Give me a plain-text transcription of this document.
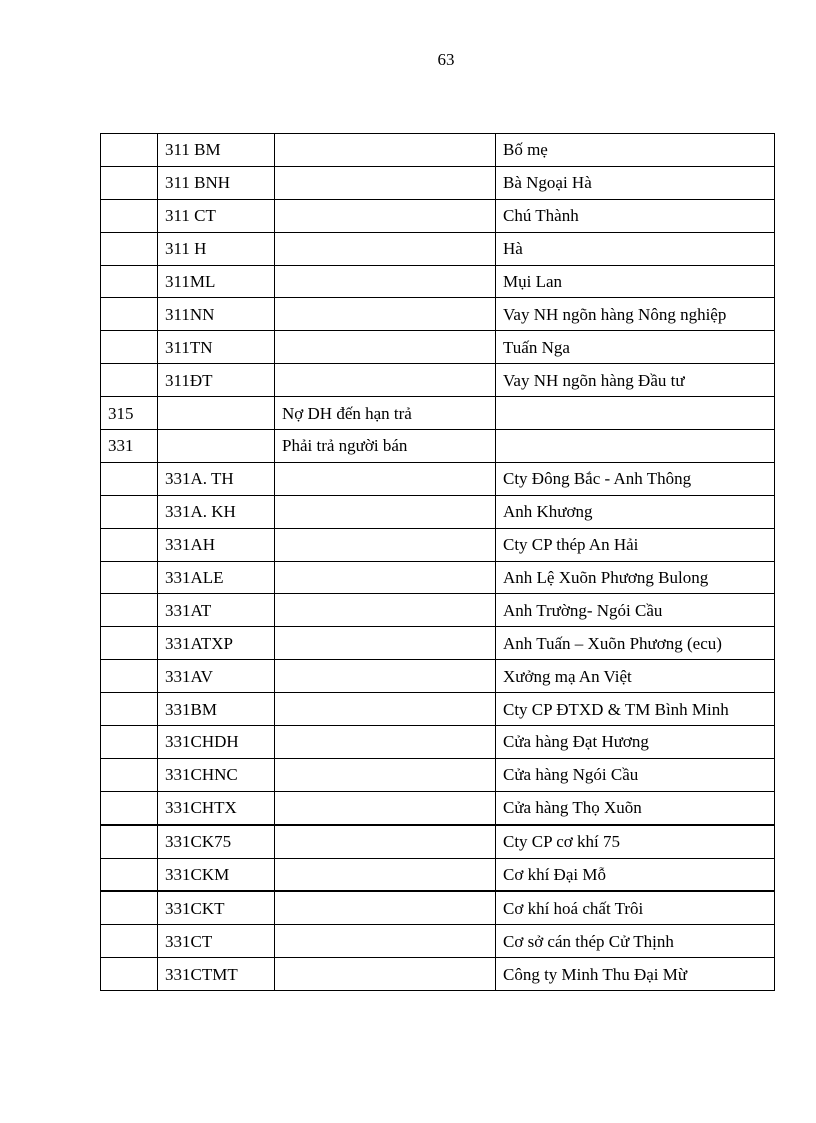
63
	311 BM		Bố mẹ
	311 BNH		Bà Ngoại Hà
	311 CT		Chú Thành
	311 H		Hà
	311ML		Mụi Lan
	311NN		Vay NH ngõn hàng Nông nghiệp
	311TN		Tuấn Nga
	311ĐT		Vay NH ngõn hàng Đầu tư
315		Nợ DH đến hạn trả	
331		Phải trả người bán	
	331A. TH		Cty Đông Bắc - Anh Thông
	331A. KH		Anh Khương
	331AH		Cty CP thép An Hải
	331ALE		Anh Lệ Xuõn Phương Bulong
	331AT		Anh Trường- Ngói Cầu
	331ATXP		Anh Tuấn – Xuõn Phương (ecu)
	331AV		Xưởng mạ An Việt
	331BM		Cty CP ĐTXD & TM Bình Minh
	331CHDH		Cửa hàng Đạt Hương
	331CHNC		Cửa hàng Ngói Cầu
	331CHTX		Cửa hàng Thọ Xuõn
	331CK75		Cty CP cơ khí 75
	331CKM		Cơ khí Đại Mỗ
	331CKT		Cơ khí hoá chất Trôi
	331CT		Cơ sở cán thép Cử Thịnh
	331CTMT		Công ty Minh Thu Đại Mừ
